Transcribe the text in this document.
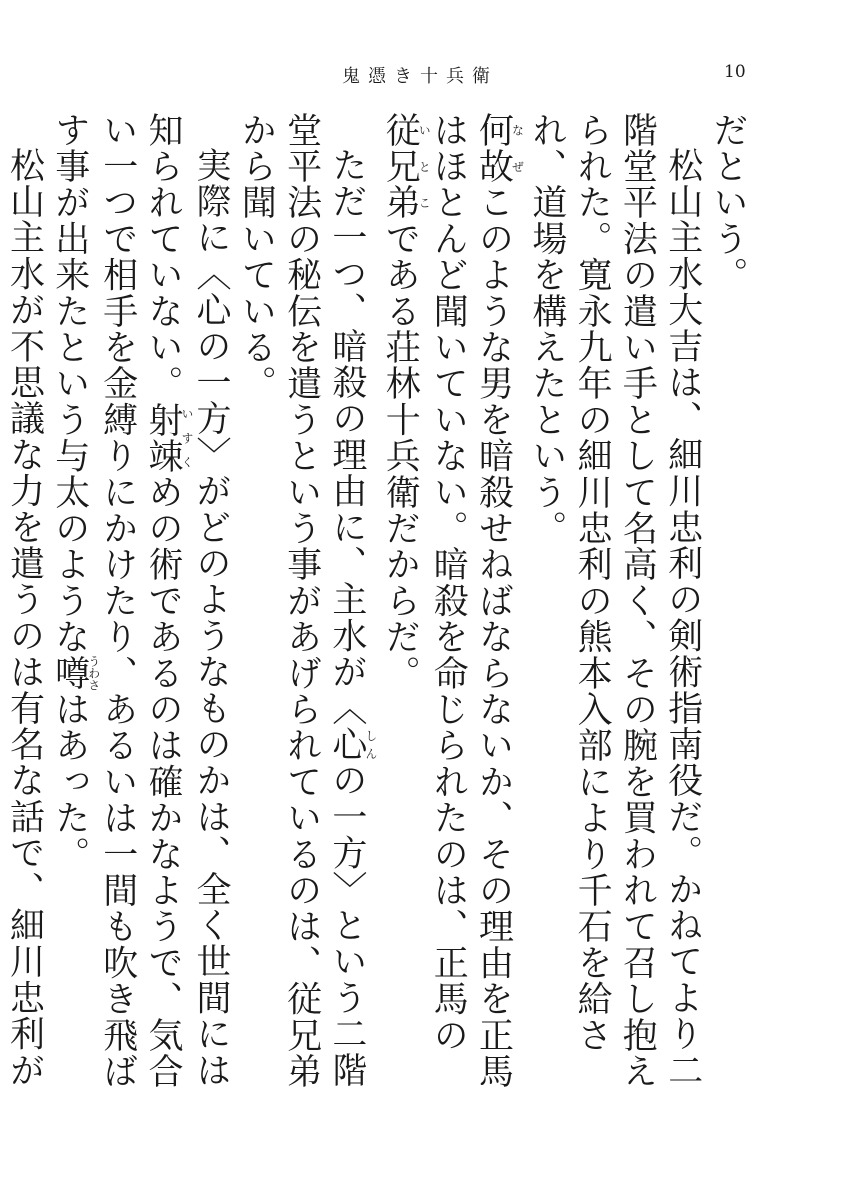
鬼憑き十兵衛	10

だという。

松山主水大吉は、細川忠利の剣術指南役だ。かねてより二階堂平法の遣い手として名高く、その腕を買われて召し抱えられた。寛永九年の細川忠利の熊本入部により千石を給され、道場を構えたという。

何故なぜこのような男を暗殺せねばならないか、その理由を正馬はほとんど聞いていない。暗殺を命じられたのは、正馬の従兄弟いとこである荘林十兵衛だからだ。

ただ一つ、暗殺の理由に、主水が〈心しんの一方〉という二階堂平法の秘伝を遣うという事があげられているのは、従兄弟から聞いている。

実際に〈心の一方〉がどのようなものかは、全く世間には知られていない。射竦いすくめの術であるのは確かなようで、気合い一つで相手を金縛りにかけたり、あるいは一間も吹き飛ばす事が出来たという与太のような噂うわさはあった。

松山主水が不思議な力を遣うのは有名な話で、細川忠利が
